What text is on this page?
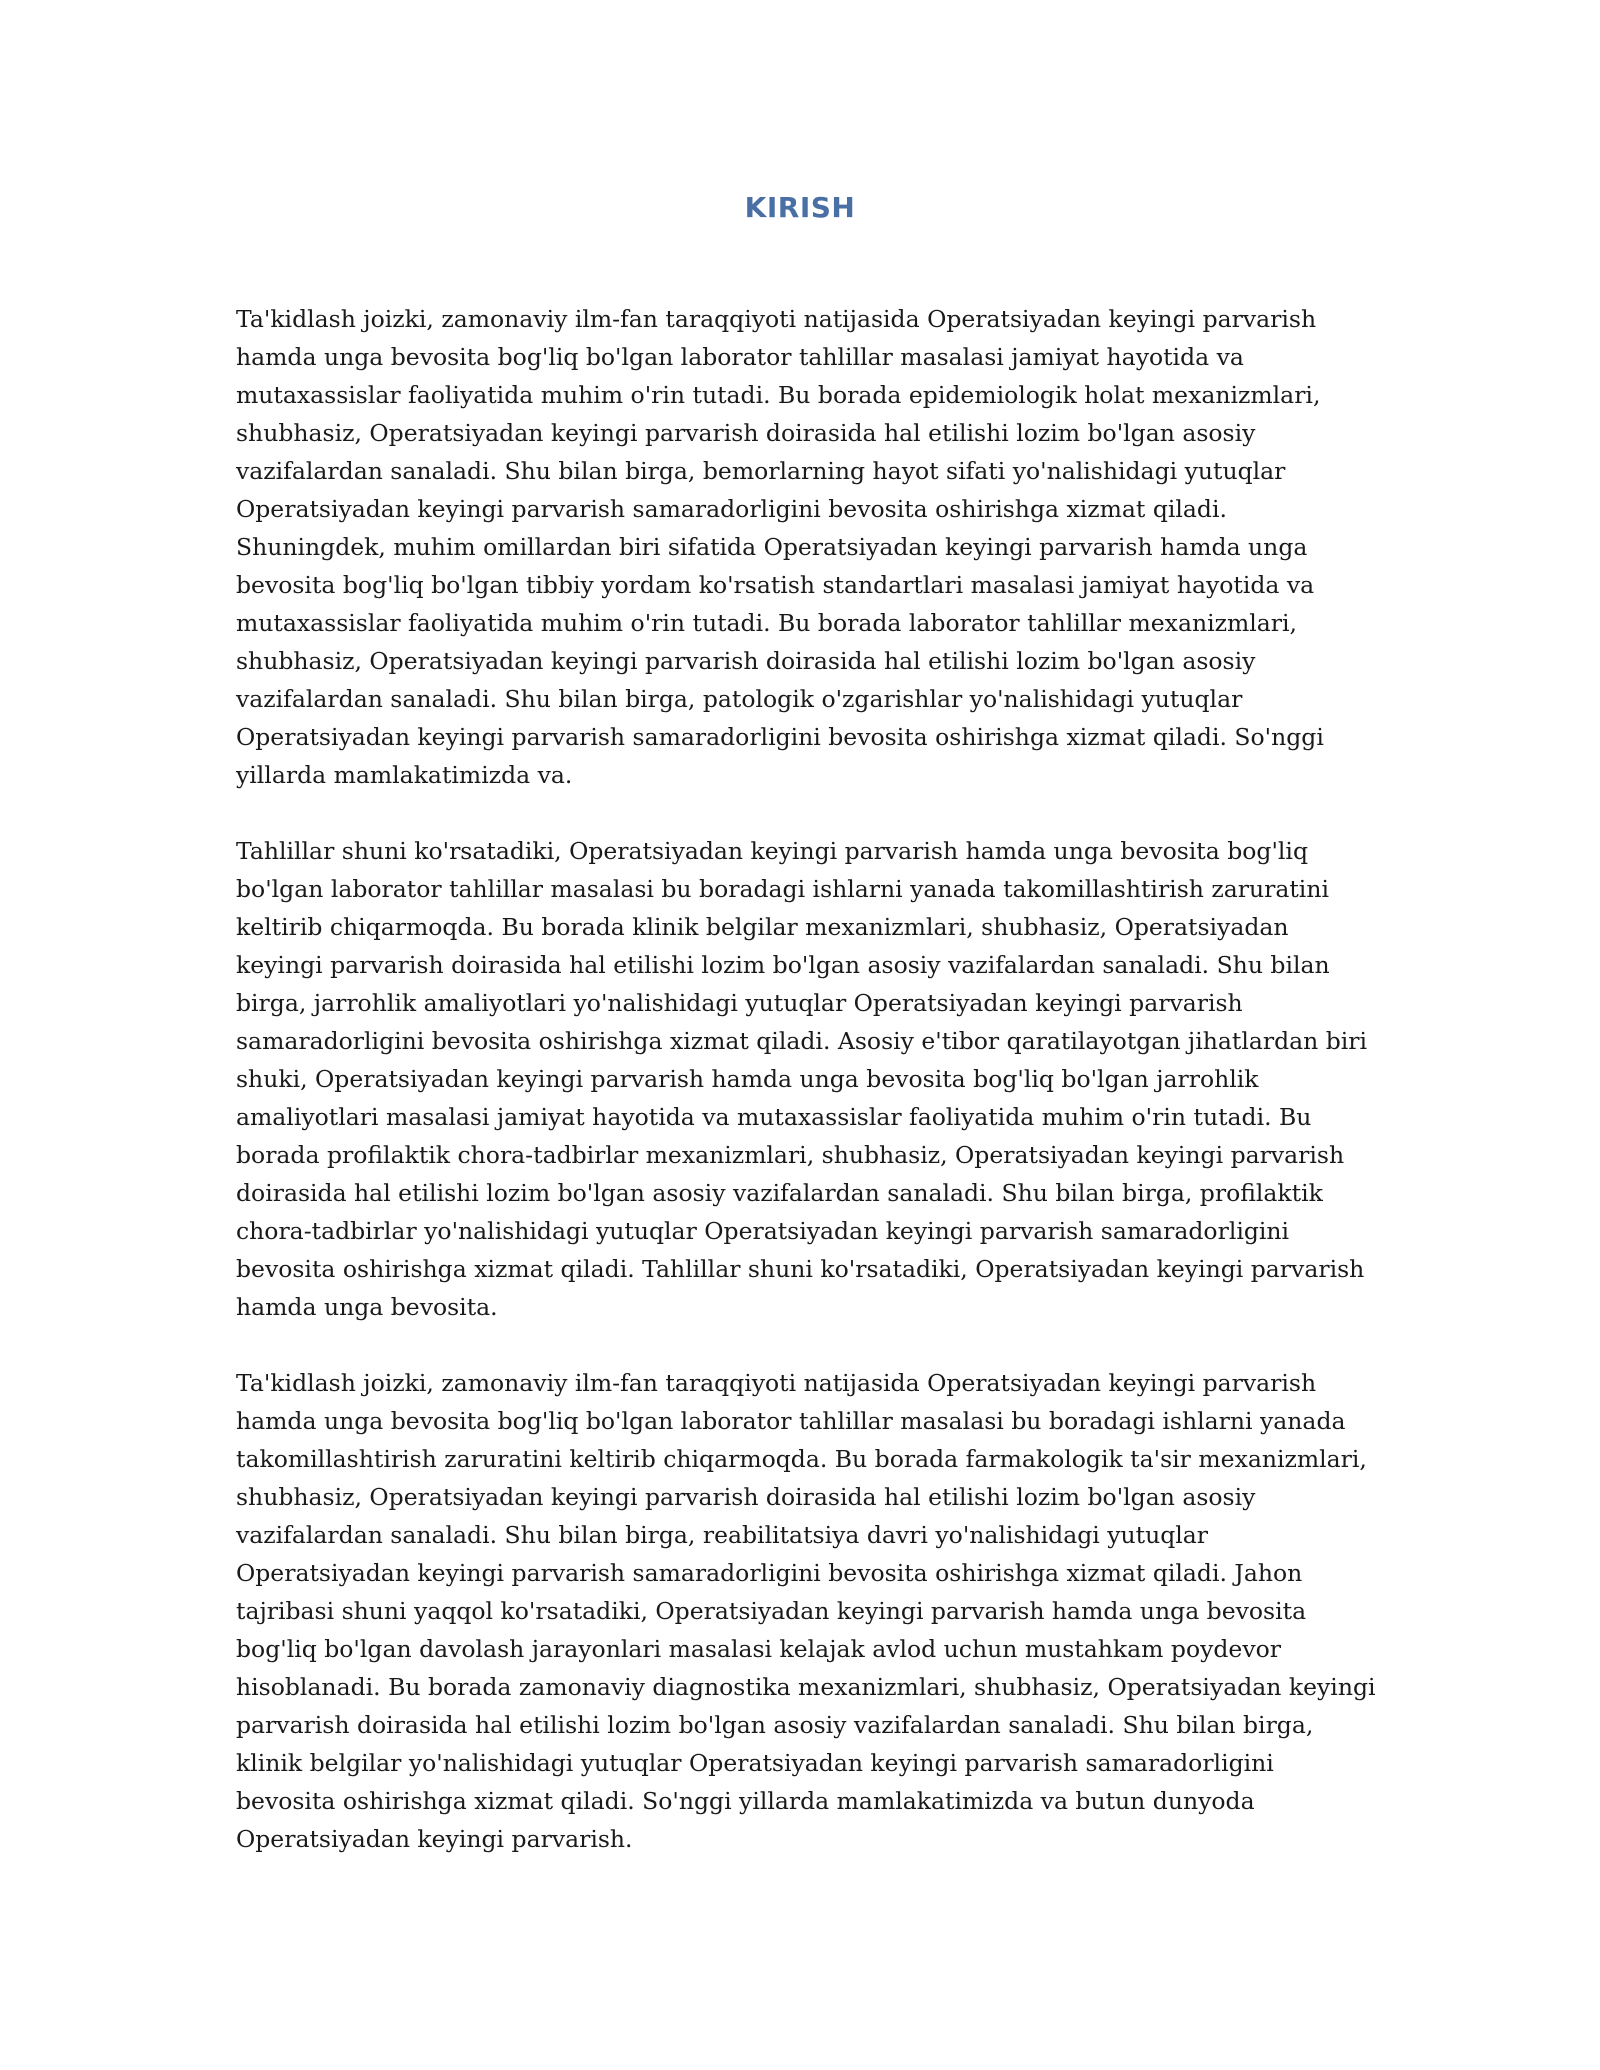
KIRISH

Ta'kidlash joizki, zamonaviy ilm-fan taraqqiyoti natijasida Operatsiyadan keyingi parvarish hamda unga bevosita bog'liq bo'lgan laborator tahlillar masalasi jamiyat hayotida va mutaxassislar faoliyatida muhim o'rin tutadi. Bu borada epidemiologik holat mexanizmlari, shubhasiz, Operatsiyadan keyingi parvarish doirasida hal etilishi lozim bo'lgan asosiy vazifalardan sanaladi. Shu bilan birga, bemorlarning hayot sifati yo'nalishidagi yutuqlar Operatsiyadan keyingi parvarish samaradorligini bevosita oshirishga xizmat qiladi. Shuningdek, muhim omillardan biri sifatida Operatsiyadan keyingi parvarish hamda unga bevosita bog'liq bo'lgan tibbiy yordam ko'rsatish standartlari masalasi jamiyat hayotida va mutaxassislar faoliyatida muhim o'rin tutadi. Bu borada laborator tahlillar mexanizmlari, shubhasiz, Operatsiyadan keyingi parvarish doirasida hal etilishi lozim bo'lgan asosiy vazifalardan sanaladi. Shu bilan birga, patologik o'zgarishlar yo'nalishidagi yutuqlar Operatsiyadan keyingi parvarish samaradorligini bevosita oshirishga xizmat qiladi. So'nggi yillarda mamlakatimizda va.

Tahlillar shuni ko'rsatadiki, Operatsiyadan keyingi parvarish hamda unga bevosita bog'liq bo'lgan laborator tahlillar masalasi bu boradagi ishlarni yanada takomillashtirish zaruratini keltirib chiqarmoqda. Bu borada klinik belgilar mexanizmlari, shubhasiz, Operatsiyadan keyingi parvarish doirasida hal etilishi lozim bo'lgan asosiy vazifalardan sanaladi. Shu bilan birga, jarrohlik amaliyotlari yo'nalishidagi yutuqlar Operatsiyadan keyingi parvarish samaradorligini bevosita oshirishga xizmat qiladi. Asosiy e'tibor qaratilayotgan jihatlardan biri shuki, Operatsiyadan keyingi parvarish hamda unga bevosita bog'liq bo'lgan jarrohlik amaliyotlari masalasi jamiyat hayotida va mutaxassislar faoliyatida muhim o'rin tutadi. Bu borada profilaktik chora-tadbirlar mexanizmlari, shubhasiz, Operatsiyadan keyingi parvarish doirasida hal etilishi lozim bo'lgan asosiy vazifalardan sanaladi. Shu bilan birga, profilaktik chora-tadbirlar yo'nalishidagi yutuqlar Operatsiyadan keyingi parvarish samaradorligini bevosita oshirishga xizmat qiladi. Tahlillar shuni ko'rsatadiki, Operatsiyadan keyingi parvarish hamda unga bevosita.

Ta'kidlash joizki, zamonaviy ilm-fan taraqqiyoti natijasida Operatsiyadan keyingi parvarish hamda unga bevosita bog'liq bo'lgan laborator tahlillar masalasi bu boradagi ishlarni yanada takomillashtirish zaruratini keltirib chiqarmoqda. Bu borada farmakologik ta'sir mexanizmlari, shubhasiz, Operatsiyadan keyingi parvarish doirasida hal etilishi lozim bo'lgan asosiy vazifalardan sanaladi. Shu bilan birga, reabilitatsiya davri yo'nalishidagi yutuqlar Operatsiyadan keyingi parvarish samaradorligini bevosita oshirishga xizmat qiladi. Jahon tajribasi shuni yaqqol ko'rsatadiki, Operatsiyadan keyingi parvarish hamda unga bevosita bog'liq bo'lgan davolash jarayonlari masalasi kelajak avlod uchun mustahkam poydevor hisoblanadi. Bu borada zamonaviy diagnostika mexanizmlari, shubhasiz, Operatsiyadan keyingi parvarish doirasida hal etilishi lozim bo'lgan asosiy vazifalardan sanaladi. Shu bilan birga, klinik belgilar yo'nalishidagi yutuqlar Operatsiyadan keyingi parvarish samaradorligini bevosita oshirishga xizmat qiladi. So'nggi yillarda mamlakatimizda va butun dunyoda Operatsiyadan keyingi parvarish.
